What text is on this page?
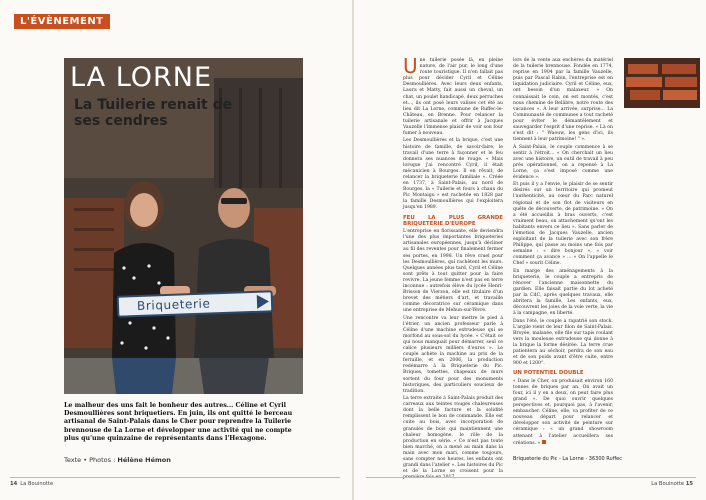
L'ÉVÈNEMENT
LA LORNE
La Tuilerie renait de ses cendres
Briqueterie
Le malheur des uns fait le bonheur des autres... Céline et Cyril Desmoullières sont briquetiers. En juin, ils ont quitté le berceau artisanal de Saint-Palais dans le Cher pour reprendre la Tuilerie brennouse de La Lorne et développer une activité qui ne compte plus qu'une quinzaine de représentants dans l'Hexagone.
Texte • Photos : Hélène Hémon

Une tuilerie posée là, en pleine nature, de l'air pur, le long d'une route touristique. Il n'en fallait pas plus pour décider Cyril et Céline Desmoullières. Avec leurs deux enfants, Laura et Matty, fait aussi un cheval, un chat, un poulet handicapé, deux perruches et..., ils ont posé leurs valises cet été au lieu dit La Lorne, commune de Ruffec-le-Château, en Brenne. Pour relancer la tuilerie artisanale et offrir à Jacques Vauzelle l'immense plaisir de voir son four fumer à nouveau.

Les Desmoullières et la brique, c'est une histoire de famille, de savoir-faire, le travail d'une terre à façonner et le feu donnera ses nuances de rouge. « Mais lorsque j'ai rencontré Cyril, il était mécanicien à Bourges. Il en rêvait, de relancer la briqueterie familiale ». Créée en 1737, à Saint-Palais, au nord de Bourges, la « Tuilerie et fours à chaux du Pic Montaigu » est rachetée en 1828 par la famille Desmoullières qui l'exploitera jusqu'en 1989.

FEU LA PLUS GRANDE BRIQUETERIE D'EUROPE

L'entreprise en florissante, elle deviendra l'une des plus importantes briqueteries artisanales européennes, jusqu'à décliner au fil des reventes pour finalement fermer ses portes, en 1998. Un rêve cruel pour les Desmoullières, qui rachètent les murs. Quelques années plus tard, Cyril et Céline sont prêts à tout quitter pour la faire revivre. La jeune femme n'est pas en terre inconnue : autrefois élève du lycée Henri-Brisson de Vierzon, elle est titulaire d'un brevet des métiers d'art, et travaille comme décoratrice sur céramique dans une entreprise de Mehun-sur-Yèvre.

Une rencontre va leur mettre le pied à l'étrier, un ancien professeur parle à Céline d'une machine extrudeuse qui se morfond au sous-sol du lycée. « C'était ce qui nous manquait pour démarrer, seul ce calice plusieurs milliers d'euros ». Le couple achète la machine au prix de la ferraille, et en 2006, la production redémarre à la Briqueterie du Pic. Briques, tomettes, chapeaux de murs sortent du four pour des monuments historiques, des particuliers soucieux de tradition.

La terre extraite à Saint-Palais produit des carreaux aux teintes rouges chaleureuses dont la belle facture et la solidité remplissent le bon de commande. Elle est cuite au bois, avec incorporation de granulés de bois qui maintiennent une chaleur homogène, le rôle de la production en série. « Ce n'est pas toute bien marché, on a mené au main dans la main avec mon mari, comme toujours, sans compter nos heures, les enfants ont grandi dans l'atelier ». Les histoires du Pic et de la Lorne se croisent pour la

lors de la vente aux enchères du matériel de la tuilerie brennouse. Fondée en 1774, reprise en 1904 par la famille Vauzelle, puis par Pascal Rabin, l'entreprise est en liquidation judiciaire. Cyril et Céline, eux, ont besoin d'un malaxeur. « On connaissait le coin, on est montés, c'est nous chemine de Belâbre, notre route des vacances ». À leur arrivée, surprise... La Communauté de communes a tout racheté pour éviter le démantèlement et sauvegarder l'esprit d'une reprise. « Là on s'est dit : " Waouw, les gens d'ici, ils tiennent à leur patrimoine! " ».

À Saint-Palais, le couple commence à se sentir à l'étroit... « On cherchait un lieu avec une histoire, un outil de travail à peu près opérationnel, on a repensé à La Lorne, ça s'est imposé comme une évidence ».

Et puis il y a l'envie, le plaisir de se sentir désirés sur un territoire qui promeut l'authenticité, au cœur du Parc naturel régional et de son flot de visiteurs en quête de découverte, de patrimoine. « On a été accueillis à bras ouverts, c'est vraiment beau, on attachement qu'ont les habitants envers ce lieu ». Sans parler de l'émotion de Jacques Vauzelle, ancien exploitant de la tuilerie avec son frère Philippe, qui passe au moins une fois par semaine : « dire bonjour », « voir comment ça avance » ... « On l'appelle le Chef » sourit Céline.

En marge des aménagements à la briqueterie, le couple a entrepris de rénover l'ancienne maisonnette du gardien. Elle faisait partie du lot acheté par la CdC, après quelques travaux, elle abritera la famille. Les enfants, eux, découvrent les joies de la voie verte, la vie à la campagne, en liberté.

Dans l'été, le couple a rapatrié son stock. L'argile vient de leur filon de Saint-Palais. Broyée, malaxée, elle file sur tapis roulant vers la mouleuse extrudeuse qui donne à la brique la forme désirée. La terre crue patientera au séchoir, perdra de son eau et de son poids avant d'être cuite, entre 900 et 1200°.

UN POTENTIEL DOUBLE

« Dans le Cher, on produisait environ 160 tonnes de briques par an. On avait un four, ici il y en a deux, on peut faire plus grand ». De quoi ouvrir quelques perspectives et, pourquoi pas, à l'avenir, embaucher. Céline, elle, va profiter de ce nouveau départ pour relancer et développer son activité de peinture sur céramique : « un grand showroom attenant à l'atelier accueillera ses créations. »

Briqueterie du Pic - La Lorne - 36300 Ruffec
14 La Bouinotte	La Bouinotte 15
